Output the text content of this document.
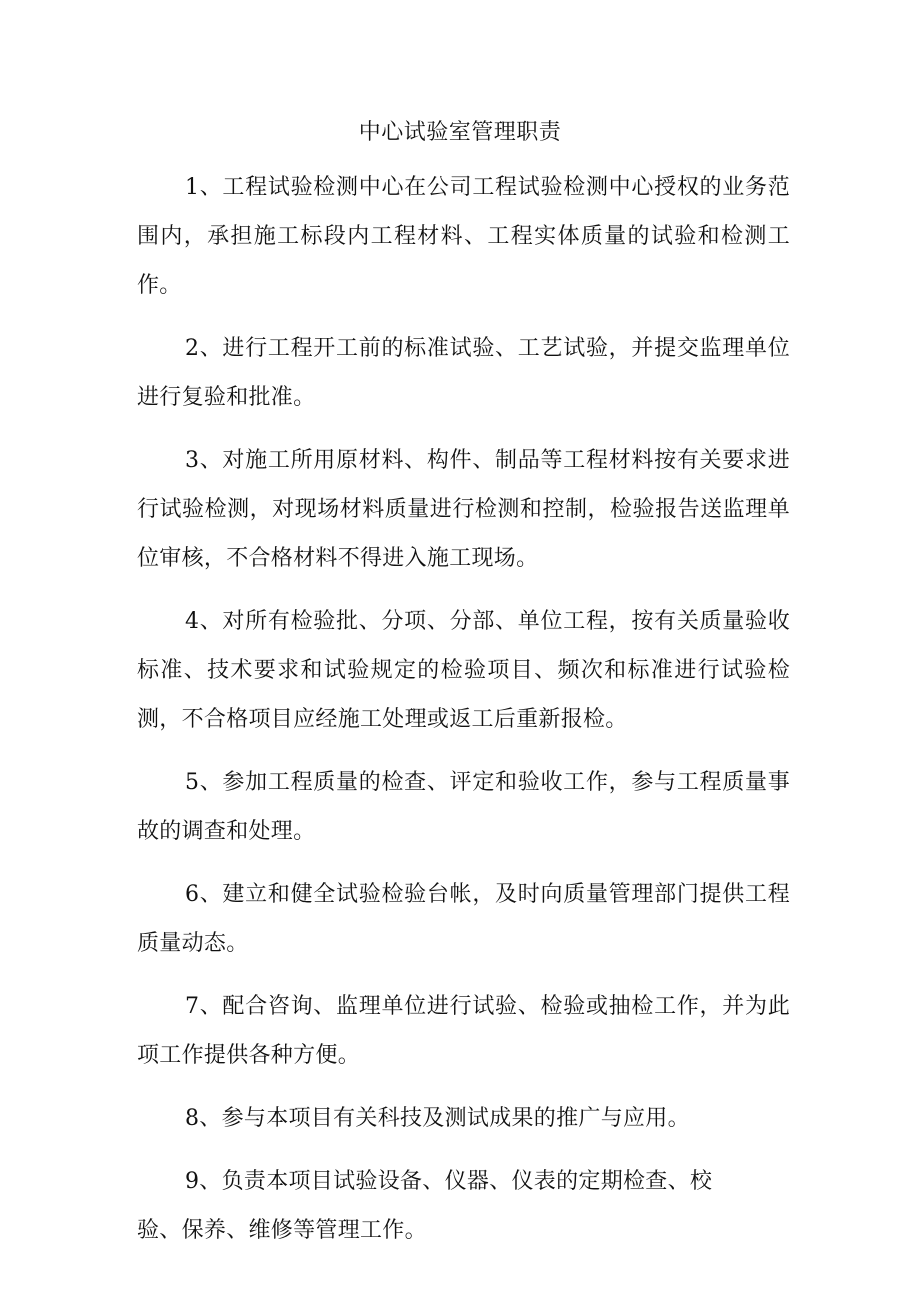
中心试验室管理职责

1、工程试验检测中心在公司工程试验检测中心授权的业务范围内，承担施工标段内工程材料、工程实体质量的试验和检测工作。

2、进行工程开工前的标准试验、工艺试验，并提交监理单位进行复验和批准。

3、对施工所用原材料、构件、制品等工程材料按有关要求进行试验检测，对现场材料质量进行检测和控制，检验报告送监理单位审核，不合格材料不得进入施工现场。

4、对所有检验批、分项、分部、单位工程，按有关质量验收标准、技术要求和试验规定的检验项目、频次和标准进行试验检测，不合格项目应经施工处理或返工后重新报检。

5、参加工程质量的检查、评定和验收工作，参与工程质量事故的调查和处理。

6、建立和健全试验检验台帐，及时向质量管理部门提供工程质量动态。

7、配合咨询、监理单位进行试验、检验或抽检工作，并为此项工作提供各种方便。

8、参与本项目有关科技及测试成果的推广与应用。

9、负责本项目试验设备、仪器、仪表的定期检查、校

验、保养、维修等管理工作。
